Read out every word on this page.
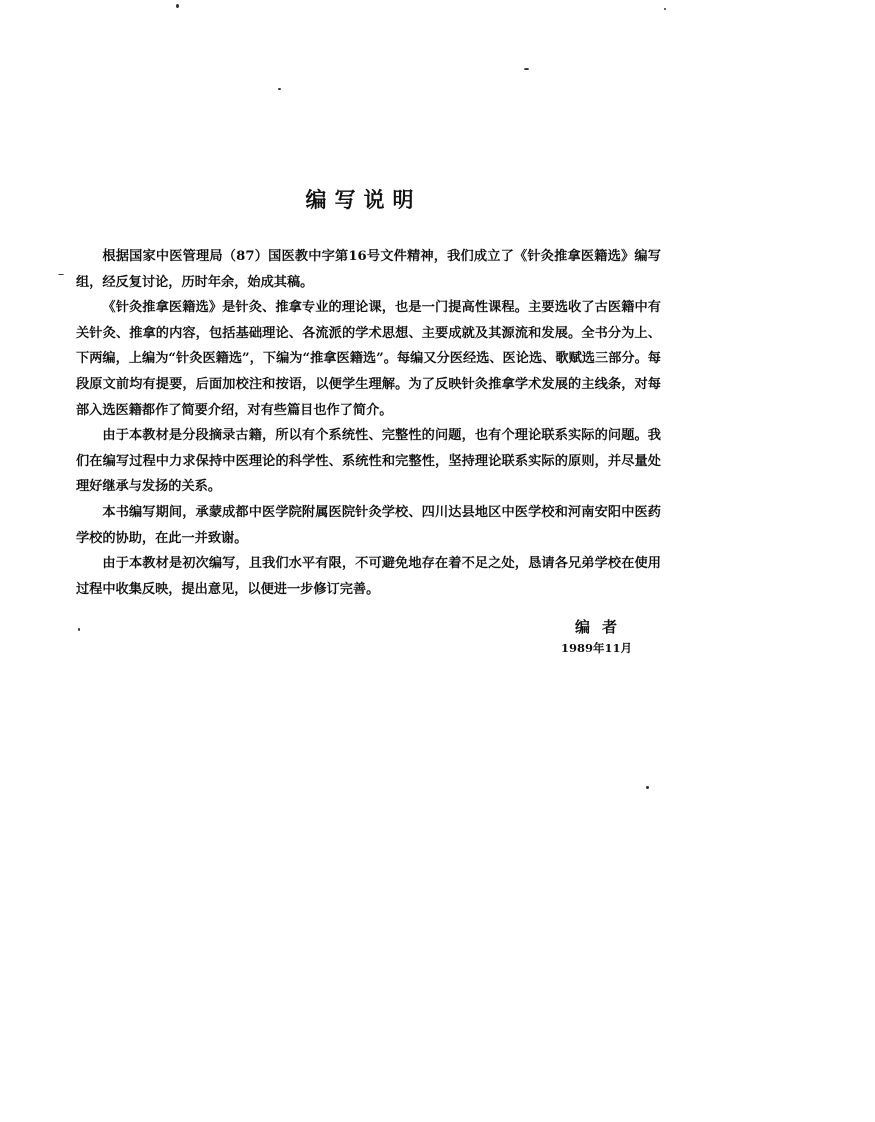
编写说明

根据国家中医管理局（87）国医教中字第16号文件精神，我们成立了《针灸推拿医籍选》编写组，经反复讨论，历时年余，始成其稿。

《针灸推拿医籍选》是针灸、推拿专业的理论课，也是一门提高性课程。主要选收了古医籍中有关针灸、推拿的内容，包括基础理论、各流派的学术思想、主要成就及其源流和发展。全书分为上、下两编，上编为“针灸医籍选”，下编为“推拿医籍选”。每编又分医经选、医论选、歌赋选三部分。每段原文前均有提要，后面加校注和按语，以便学生理解。为了反映针灸推拿学术发展的主线条，对每部入选医籍都作了简要介绍，对有些篇目也作了简介。

由于本教材是分段摘录古籍，所以有个系统性、完整性的问题，也有个理论联系实际的问题。我们在编写过程中力求保持中医理论的科学性、系统性和完整性，坚持理论联系实际的原则，并尽量处理好继承与发扬的关系。

本书编写期间，承蒙成都中医学院附属医院针灸学校、四川达县地区中医学校和河南安阳中医药学校的协助，在此一并致谢。

由于本教材是初次编写，且我们水平有限，不可避免地存在着不足之处，恳请各兄弟学校在使用过程中收集反映，提出意见，以便进一步修订完善。

编者
1989年11月
